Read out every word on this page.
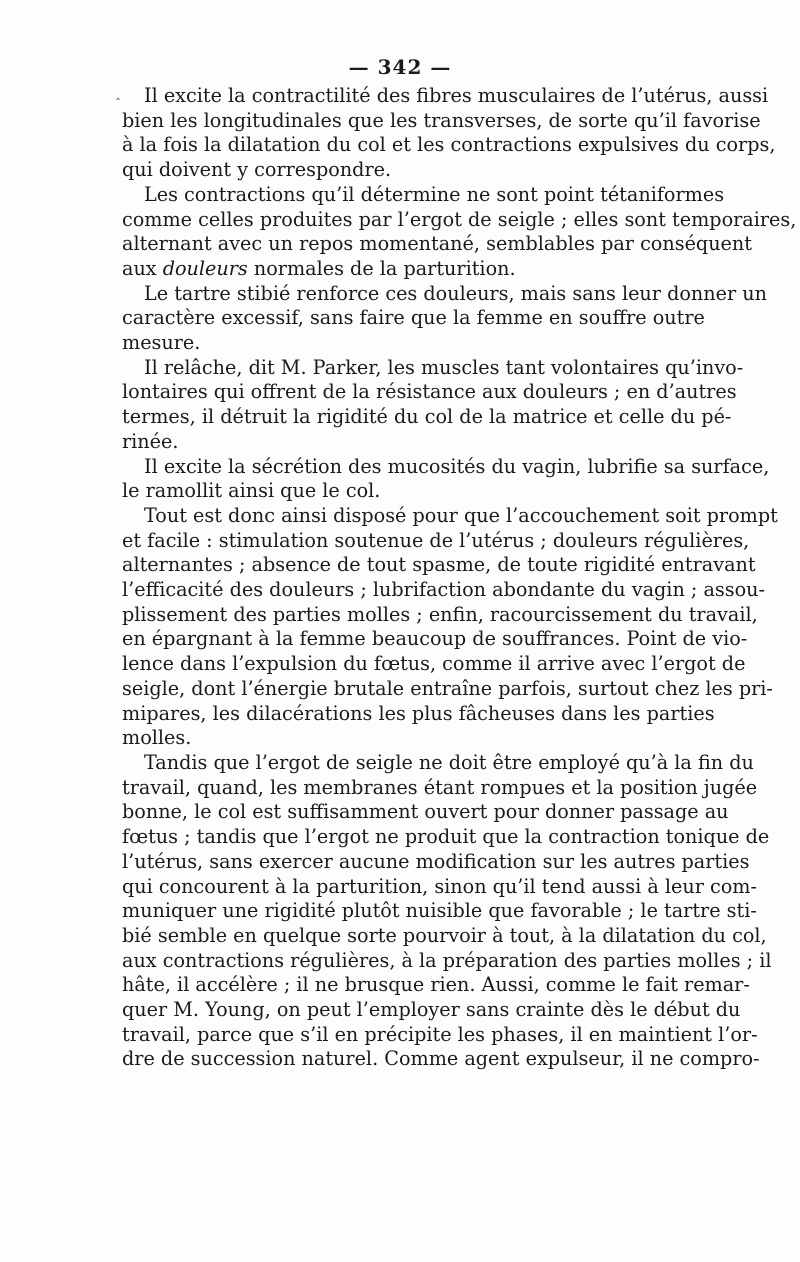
— 342 —
‸	Il excite la contractilité des fibres musculaires de l’utérus, aussi
bien les longitudinales que les transverses, de sorte qu’il favorise
à la fois la dilatation du col et les contractions expulsives du corps,
qui doivent y correspondre.
Les contractions qu’il détermine ne sont point tétaniformes
comme celles produites par l’ergot de seigle ; elles sont temporaires,
alternant avec un repos momentané, semblables par conséquent
aux douleurs normales de la parturition.
Le tartre stibié renforce ces douleurs, mais sans leur donner un
caractère excessif, sans faire que la femme en souffre outre
mesure.
Il relâche, dit M. Parker, les muscles tant volontaires qu’invo-
lontaires qui offrent de la résistance aux douleurs ; en d’autres
termes, il détruit la rigidité du col de la matrice et celle du pé-
rinée.
Il excite la sécrétion des mucosités du vagin, lubrifie sa surface,
le ramollit ainsi que le col.
Tout est donc ainsi disposé pour que l’accouchement soit prompt
et facile : stimulation soutenue de l’utérus ; douleurs régulières,
alternantes ; absence de tout spasme, de toute rigidité entravant
l’efficacité des douleurs ; lubrifaction abondante du vagin ; assou-
plissement des parties molles ; enfin, racourcissement du travail,
en épargnant à la femme beaucoup de souffrances. Point de vio-
lence dans l’expulsion du fœtus, comme il arrive avec l’ergot de
seigle, dont l’énergie brutale entraîne parfois, surtout chez les pri-
mipares, les dilacérations les plus fâcheuses dans les parties
molles.
Tandis que l’ergot de seigle ne doit être employé qu’à la fin du
travail, quand, les membranes étant rompues et la position jugée
bonne, le col est suffisamment ouvert pour donner passage au
fœtus ; tandis que l’ergot ne produit que la contraction tonique de
l’utérus, sans exercer aucune modification sur les autres parties
qui concourent à la parturition, sinon qu’il tend aussi à leur com-
muniquer une rigidité plutôt nuisible que favorable ; le tartre sti-
bié semble en quelque sorte pourvoir à tout, à la dilatation du col,
aux contractions régulières, à la préparation des parties molles ; il
hâte, il accélère ; il ne brusque rien. Aussi, comme le fait remar-
quer M. Young, on peut l’employer sans crainte dès le début du
travail, parce que s’il en précipite les phases, il en maintient l’or-
dre de succession naturel. Comme agent expulseur, il ne compro-
